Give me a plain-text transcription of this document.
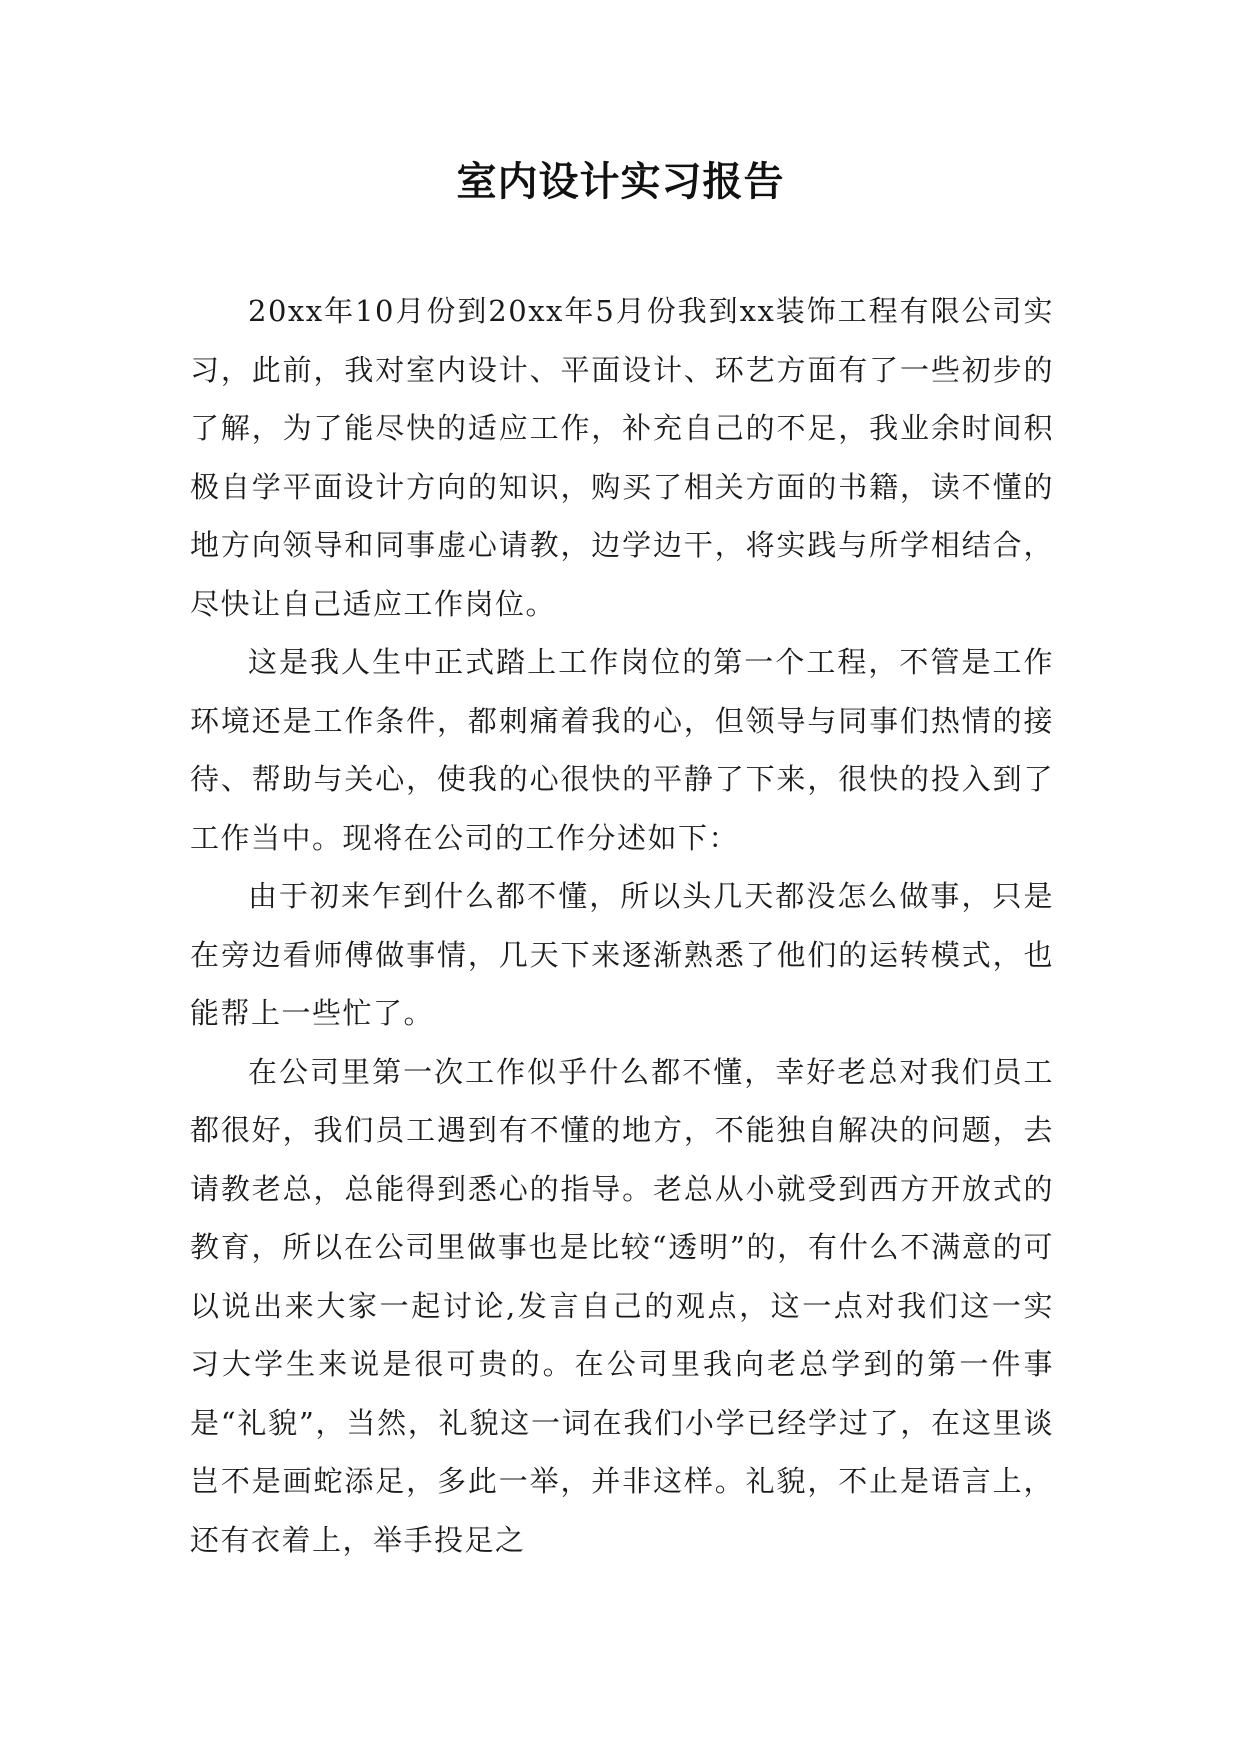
室内设计实习报告

20xx年10月份到20xx年5月份我到xx装饰工程有限公司实习，此前，我对室内设计、平面设计、环艺方面有了一些初步的了解，为了能尽快的适应工作，补充自己的不足，我业余时间积极自学平面设计方向的知识，购买了相关方面的书籍，读不懂的地方向领导和同事虚心请教，边学边干，将实践与所学相结合，尽快让自己适应工作岗位。

这是我人生中正式踏上工作岗位的第一个工程，不管是工作环境还是工作条件，都刺痛着我的心，但领导与同事们热情的接待、帮助与关心，使我的心很快的平静了下来，很快的投入到了工作当中。现将在公司的工作分述如下：

由于初来乍到什么都不懂，所以头几天都没怎么做事，只是在旁边看师傅做事情，几天下来逐渐熟悉了他们的运转模式，也能帮上一些忙了。

在公司里第一次工作似乎什么都不懂，幸好老总对我们员工都很好，我们员工遇到有不懂的地方，不能独自解决的问题，去请教老总，总能得到悉心的指导。老总从小就受到西方开放式的教育，所以在公司里做事也是比较“透明”的，有什么不满意的可以说出来大家一起讨论,发言自己的观点，这一点对我们这一实习大学生来说是很可贵的。在公司里我向老总学到的第一件事是“礼貌”，当然，礼貌这一词在我们小学已经学过了，在这里谈岂不是画蛇添足，多此一举，并非这样。礼貌，不止是语言上，还有衣着上，举手投足之
